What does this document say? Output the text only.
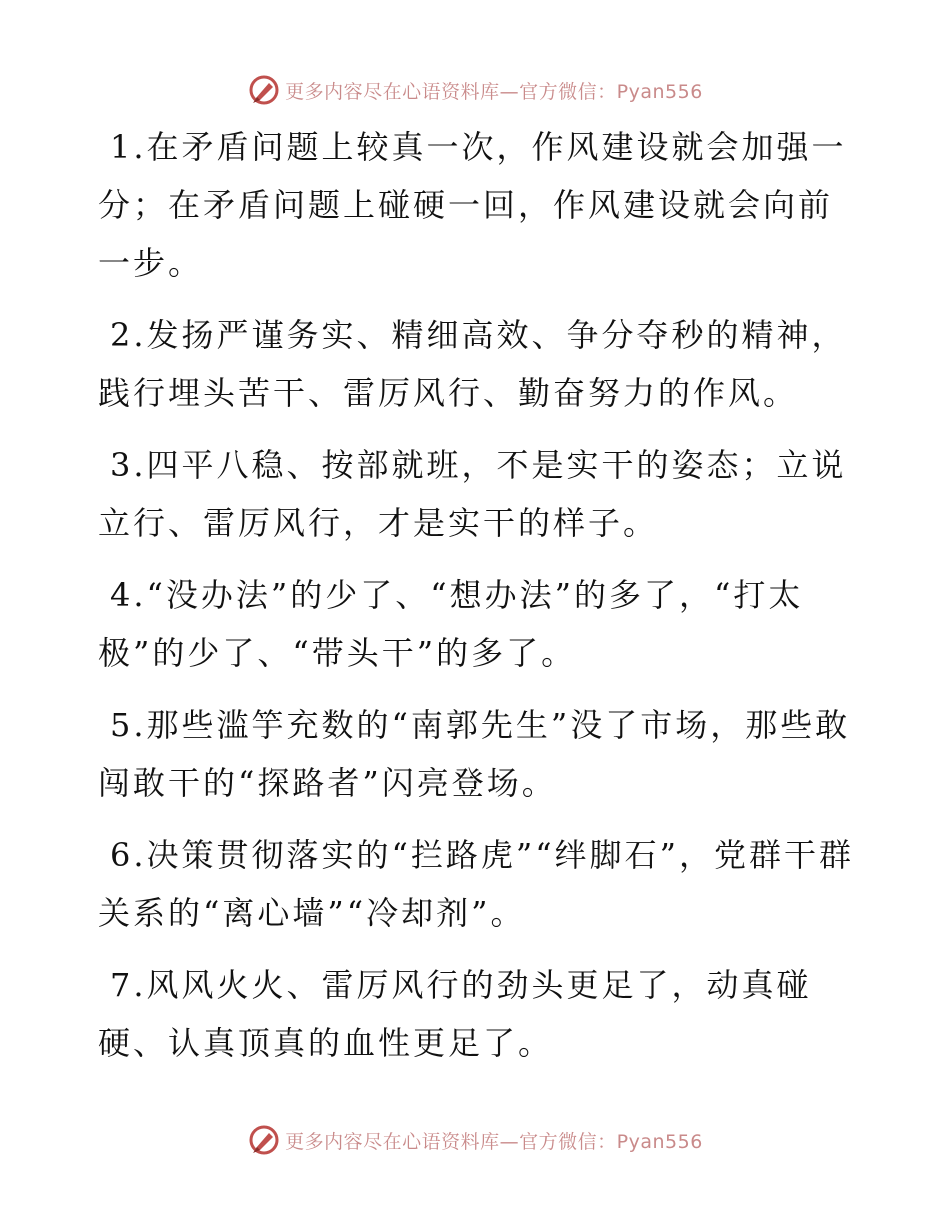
更多内容尽在心语资料库—官方微信：Pyan556

1.在矛盾问题上较真一次，作风建设就会加强一分；在矛盾问题上碰硬一回，作风建设就会向前一步。

2.发扬严谨务实、精细高效、争分夺秒的精神，践行埋头苦干、雷厉风行、勤奋努力的作风。

3.四平八稳、按部就班，不是实干的姿态；立说立行、雷厉风行，才是实干的样子。

4.“没办法”的少了、“想办法”的多了，“打太极”的少了、“带头干”的多了。

5.那些滥竽充数的“南郭先生”没了市场，那些敢闯敢干的“探路者”闪亮登场。

6.决策贯彻落实的“拦路虎”“绊脚石”，党群干群关系的“离心墙”“冷却剂”。

7.风风火火、雷厉风行的劲头更足了，动真碰硬、认真顶真的血性更足了。

更多内容尽在心语资料库—官方微信：Pyan556
